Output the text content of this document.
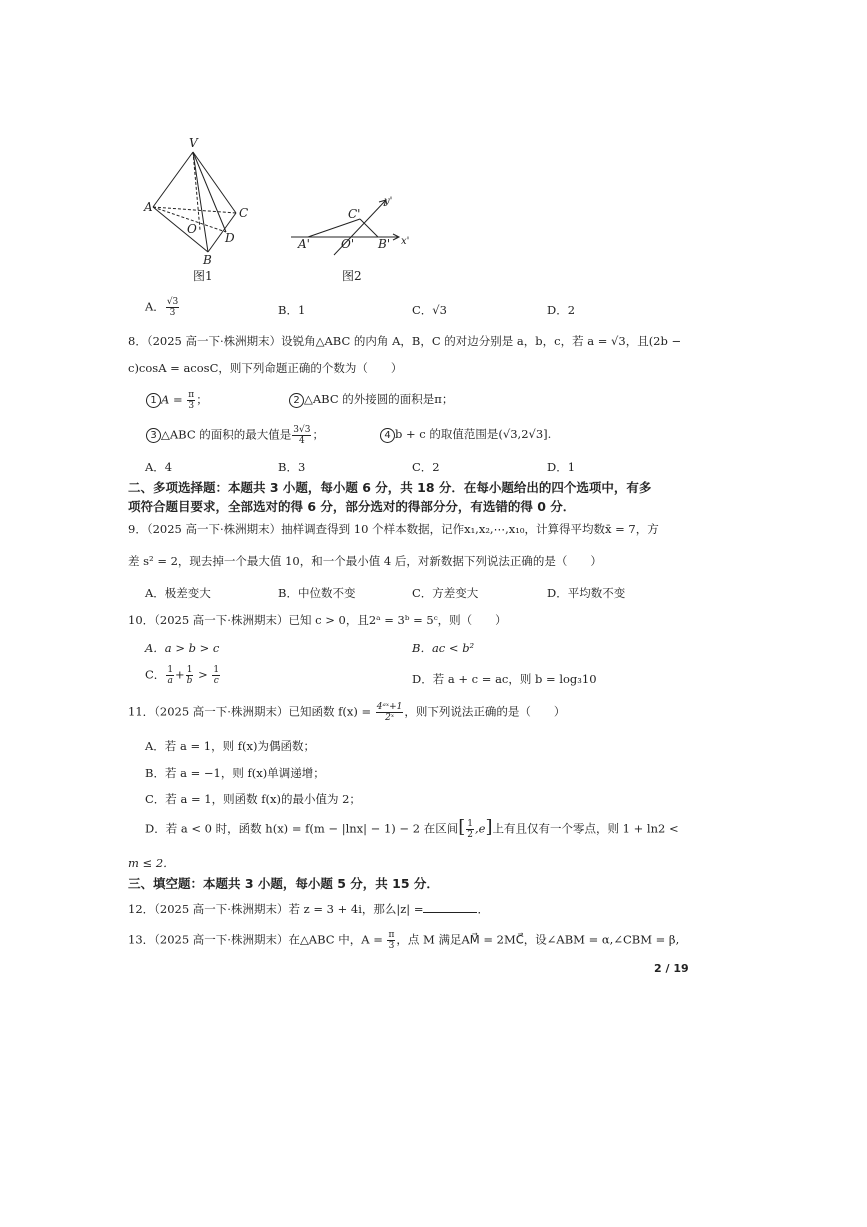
V
A	C
O
D
B
图1
C'
y'
A'	O' B' x'
图2
A． $\frac{√3}{3}$	B．1	C．√3	D．2
8．（2025 高一下·株洲期末）设锐角△ABC 的内角 A，B，C 的对边分别是 a，b，c，若 a = √3，且(2b −
c)cosA = acosC，则下列命题正确的个数为（　　）
1 $A = \frac{\pi}{3}$ ；	2 △ABC 的外接圆的面积是π；
3 △ABC 的面积的最大值是 $\frac{3√3}{4}$ ；	4 b + c 的取值范围是(√3,2√3].
A．4	B．3	C．2	D．1
二、多项选择题：本题共 3 小题，每小题 6 分，共 18 分．在每小题给出的四个选项中，有多
项符合题目要求，全部选对的得 6 分，部分选对的得部分分，有选错的得 0 分．
9．（2025 高一下·株洲期末）抽样调查得到 10 个样本数据，记作x₁,x₂,⋯,x₁₀，计算得平均数x̄ = 7，方
差 s² = 2，现去掉一个最大值 10，和一个最小值 4 后，对新数据下列说法正确的是（　　）
A．极差变大	B．中位数不变	C．方差变大	D．平均数不变
10．（2025 高一下·株洲期末）已知 c > 0，且2ᵃ = 3ᵇ = 5ᶜ，则（　　）
A．a > b > c	B．ac < b²
C． $\frac{1}{a} + \frac{1}{b} > \frac{1}{c}$	D．若 a + c = ac，则 b = log₃10
11．（2025 高一下·株洲期末）已知函数 $f(x) = \frac{\text{4ᵃˣ+1}}{\text{2ˣ}}$ ，则下列说法正确的是（　　）
A．若 a = 1，则 f(x)为偶函数；
B．若 a = −1，则 f(x)单调递增；
C．若 a = 1，则函数 f(x)的最小值为 2；
D．若 a < 0 时，函数 h(x) = f(m − |lnx| − 1) − 2 在区间[ $\frac{1}{2} ,e$]上有且仅有一个零点，则 1 + ln2 <
m ≤ 2．
三、填空题：本题共 3 小题，每小题 5 分，共 15 分．
12．（2025 高一下·株洲期末）若 z = 3 + 4i，那么|z| =	．
13．（2025 高一下·株洲期末）在△ABC 中，$A = \frac{\pi}{3}$ ，点 M 满足AM⃗ = 2MC⃗，设∠ABM = α,∠CBM = β,
2 / 19
